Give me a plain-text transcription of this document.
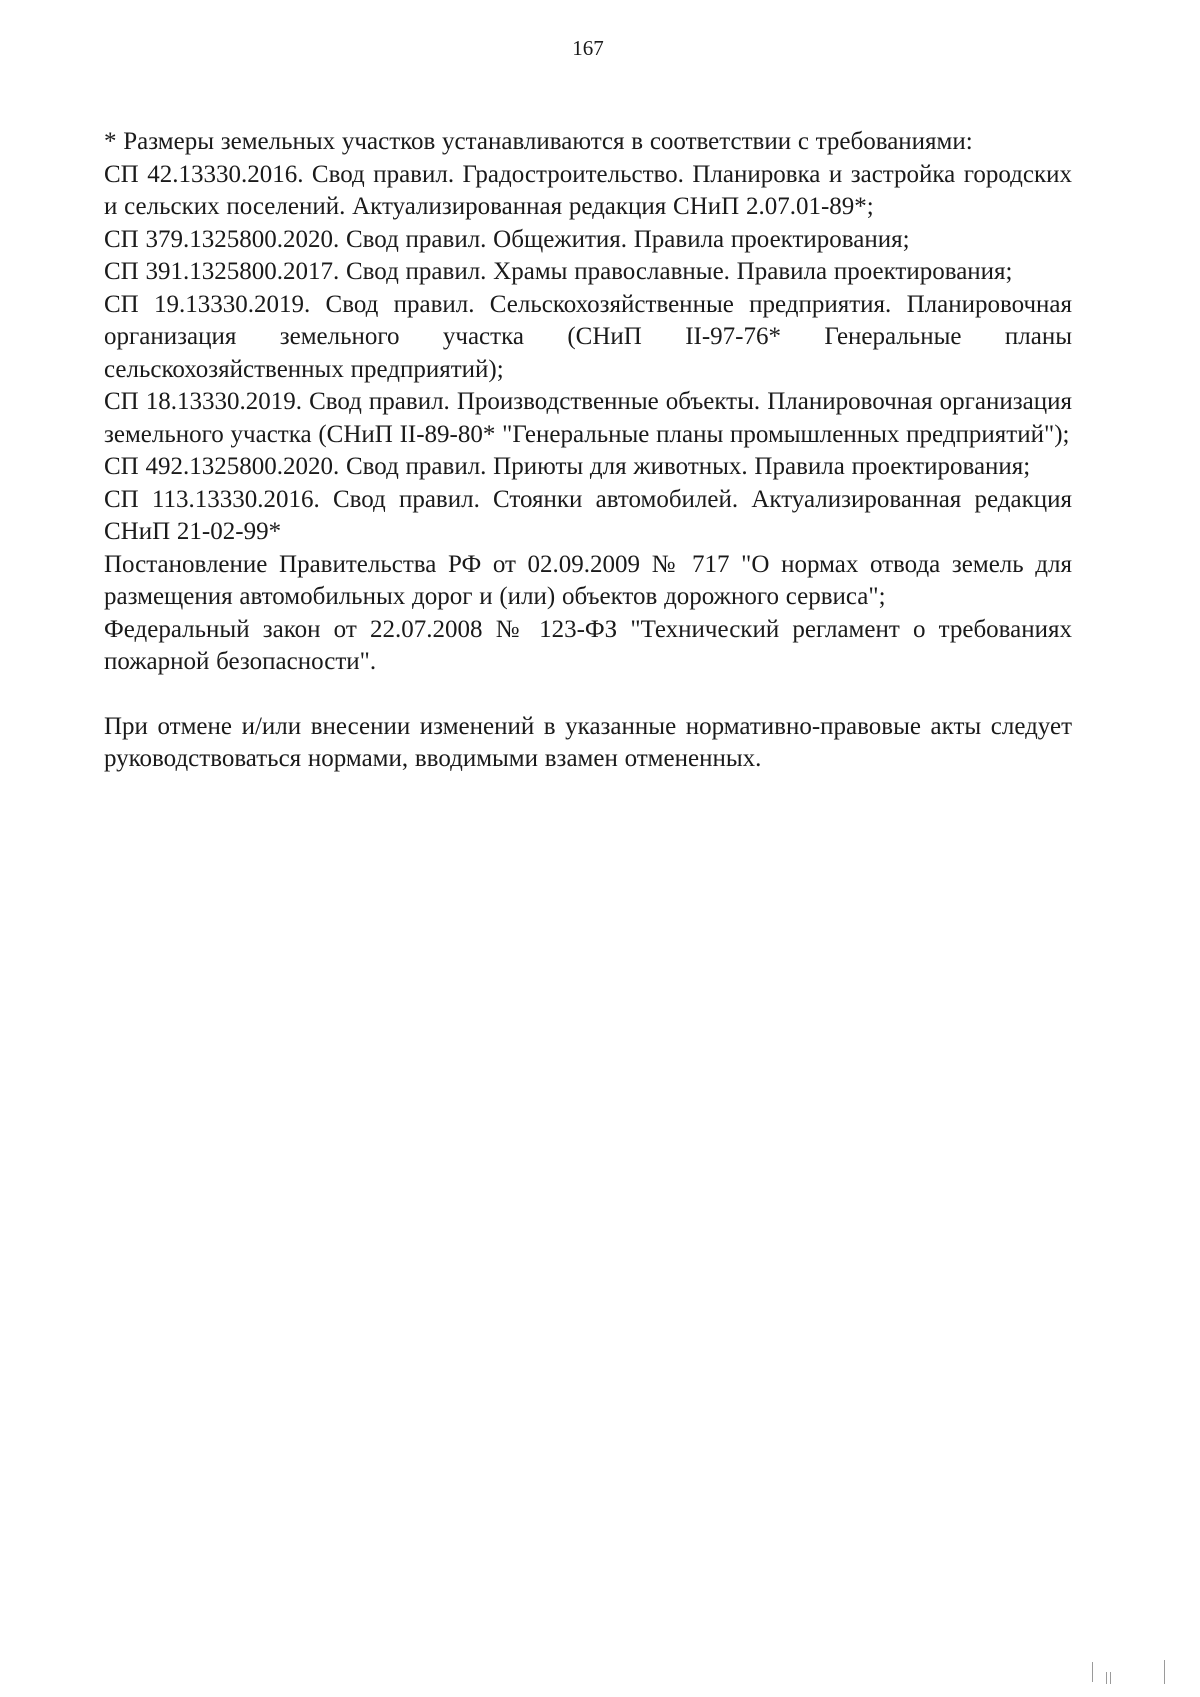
167

* Размеры земельных участков устанавливаются в соответствии с требованиями:

СП 42.13330.2016. Свод правил. Градостроительство. Планировка и застройка городских и сельских поселений. Актуализированная редакция СНиП 2.07.01-89*;

СП 379.1325800.2020. Свод правил. Общежития. Правила проектирования;

СП 391.1325800.2017. Свод правил. Храмы православные. Правила проектирования;

СП 19.13330.2019. Свод правил. Сельскохозяйственные предприятия. Планировочная организация земельного участка (СНиП II-97-76* Генеральные планы сельскохозяйственных предприятий);

СП 18.13330.2019. Свод правил. Производственные объекты. Планировочная организация земельного участка (СНиП II-89-80* "Генеральные планы промышленных предприятий");

СП 492.1325800.2020. Свод правил. Приюты для животных. Правила проектирования;

СП 113.13330.2016. Свод правил. Стоянки автомобилей. Актуализированная редакция СНиП 21-02-99*

Постановление Правительства РФ от 02.09.2009 № 717 "О нормах отвода земель для размещения автомобильных дорог и (или) объектов дорожного сервиса";

Федеральный закон от 22.07.2008 № 123-ФЗ "Технический регламент о требованиях пожарной безопасности".

При отмене и/или внесении изменений в указанные нормативно-правовые акты следует руководствоваться нормами, вводимыми взамен отмененных.
